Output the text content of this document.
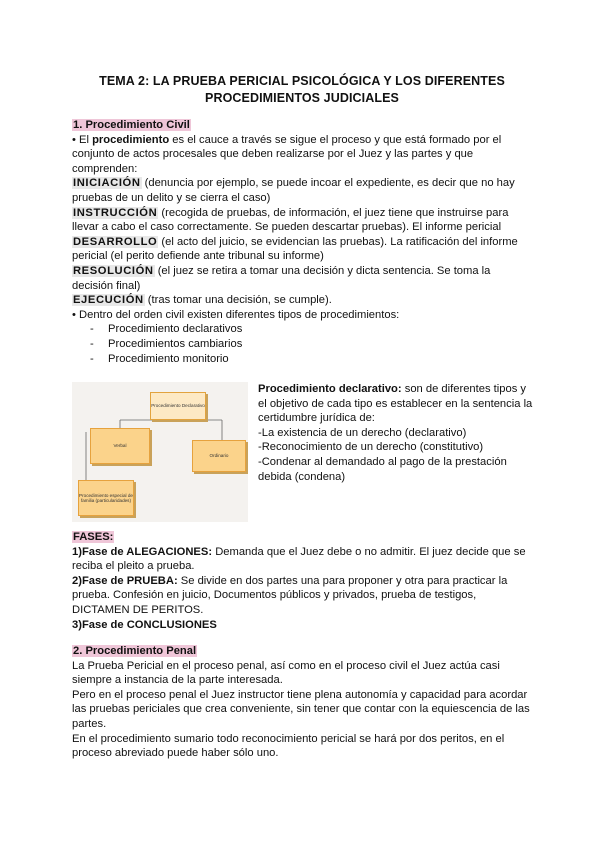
TEMA 2: LA PRUEBA PERICIAL PSICOLÓGICA Y LOS DIFERENTES
PROCEDIMIENTOS JUDICIALES

1. Procedimiento Civil

• El procedimiento es el cauce a través se sigue el proceso y que está formado por el conjunto de actos procesales que deben realizarse por el Juez y las partes y que comprenden:

INICIACIÓN (denuncia por ejemplo, se puede incoar el expediente, es decir que no hay pruebas de un delito y se cierra el caso)

INSTRUCCIÓN (recogida de pruebas, de información, el juez tiene que instruirse para llevar a cabo el caso correctamente. Se pueden descartar pruebas). El informe pericial

DESARROLLO (el acto del juicio, se evidencian las pruebas). La ratificación del informe pericial (el perito defiende ante tribunal su informe)

RESOLUCIÓN (el juez se retira a tomar una decisión y dicta sentencia. Se toma la decisión final)

EJECUCIÓN (tras tomar una decisión, se cumple).

• Dentro del orden civil existen diferentes tipos de procedimientos:

- Procedimiento declarativos
- Procedimientos cambiarios
- Procedimiento monitorio
Procedimiento Declarativo
Verbal
Ordinario
Procedimiento especial de familia (particularidades)

Procedimiento declarativo: son de diferentes tipos y el objetivo de cada tipo es establecer en la sentencia la certidumbre jurídica de:

-La existencia de un derecho (declarativo)

-Reconocimiento de un derecho (constitutivo)

-Condenar al demandado al pago de la prestación debida (condena)

FASES:

1)Fase de ALEGACIONES: Demanda que el Juez debe o no admitir. El juez decide que se reciba el pleito a prueba.

2)Fase de PRUEBA: Se divide en dos partes una para proponer y otra para practicar la prueba. Confesión en juicio, Documentos públicos y privados, prueba de testigos, DICTAMEN DE PERITOS.

3)Fase de CONCLUSIONES

2. Procedimiento Penal

La Prueba Pericial en el proceso penal, así como en el proceso civil el Juez actúa casi siempre a instancia de la parte interesada.

Pero en el proceso penal el Juez instructor tiene plena autonomía y capacidad para acordar las pruebas periciales que crea conveniente, sin tener que contar con la equiescencia de las partes.

En el procedimiento sumario todo reconocimiento pericial se hará por dos peritos, en el proceso abreviado puede haber sólo uno.
